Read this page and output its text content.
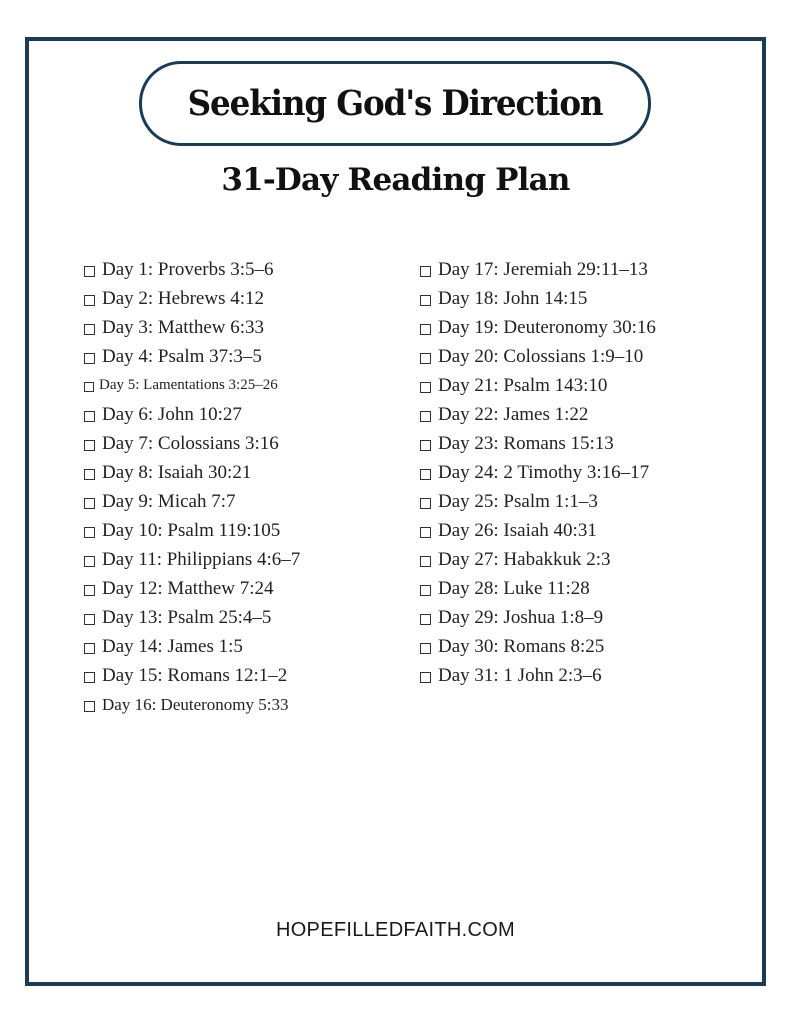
Seeking God's Direction
31-Day Reading Plan
Day 1: Proverbs 3:5–6
Day 2: Hebrews 4:12
Day 3: Matthew 6:33
Day 4: Psalm 37:3–5
Day 5: Lamentations 3:25–26
Day 6: John 10:27
Day 7: Colossians 3:16
Day 8: Isaiah 30:21
Day 9: Micah 7:7
Day 10: Psalm 119:105
Day 11: Philippians 4:6–7
Day 12: Matthew 7:24
Day 13: Psalm 25:4–5
Day 14: James 1:5
Day 15: Romans 12:1–2
Day 16: Deuteronomy 5:33
Day 17: Jeremiah 29:11–13
Day 18: John 14:15
Day 19: Deuteronomy 30:16
Day 20: Colossians 1:9–10
Day 21: Psalm 143:10
Day 22: James 1:22
Day 23: Romans 15:13
Day 24: 2 Timothy 3:16–17
Day 25: Psalm 1:1–3
Day 26: Isaiah 40:31
Day 27: Habakkuk 2:3
Day 28: Luke 11:28
Day 29: Joshua 1:8–9
Day 30: Romans 8:25
Day 31: 1 John 2:3–6
HOPEFILLEDFAITH.COM
